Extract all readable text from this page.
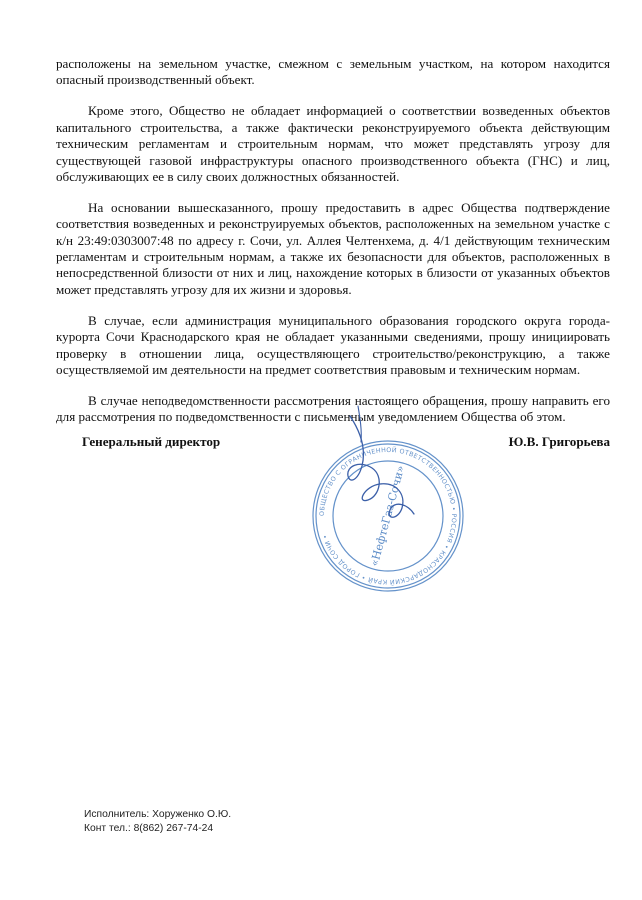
расположены на земельном участке, смежном с земельным участком, на котором находится опасный производственный объект.

Кроме этого, Общество не обладает информацией о соответствии возведенных объектов капитального строительства, а также фактически реконструируемого объекта действующим техническим регламентам и строительным нормам, что может представлять угрозу для существующей газовой инфраструктуры опасного производственного объекта (ГНС) и лиц, обслуживающих ее в силу своих должностных обязанностей.

На основании вышесказанного, прошу предоставить в адрес Общества подтверждение соответствия возведенных и реконструируемых объектов, расположенных на земельном участке с к/н 23:49:0303007:48 по адресу г. Сочи, ул. Аллея Челтенхема, д. 4/1 действующим техническим регламентам и строительным нормам, а также их безопасности для объектов, расположенных в непосредственной близости от них и лиц, нахождение которых в близости от указанных объектов может представлять угрозу для их жизни и здоровья.

В случае, если администрация муниципального образования городского округа города-курорта Сочи Краснодарского края не обладает указанными сведениями, прошу инициировать проверку в отношении лица, осуществляющего строительство/реконструкцию, а также осуществляемой им деятельности на предмет соответствия правовым и техническим нормам.

В случае неподведомственности рассмотрения настоящего обращения, прошу направить его для рассмотрения по подведомственности с письменным уведомлением Общества об этом.

Генеральный директор	Ю.В. Григорьева
ОБЩЕСТВО С ОГРАНИЧЕННОЙ ОТВЕТСТВЕННОСТЬЮ • РОССИЯ • КРАСНОДАРСКИЙ КРАЙ • ГОРОД СОЧИ •	«НефтеГаз-Сочи»
Исполнитель: Хоруженко О.Ю.
Конт тел.: 8(862) 267-74-24
